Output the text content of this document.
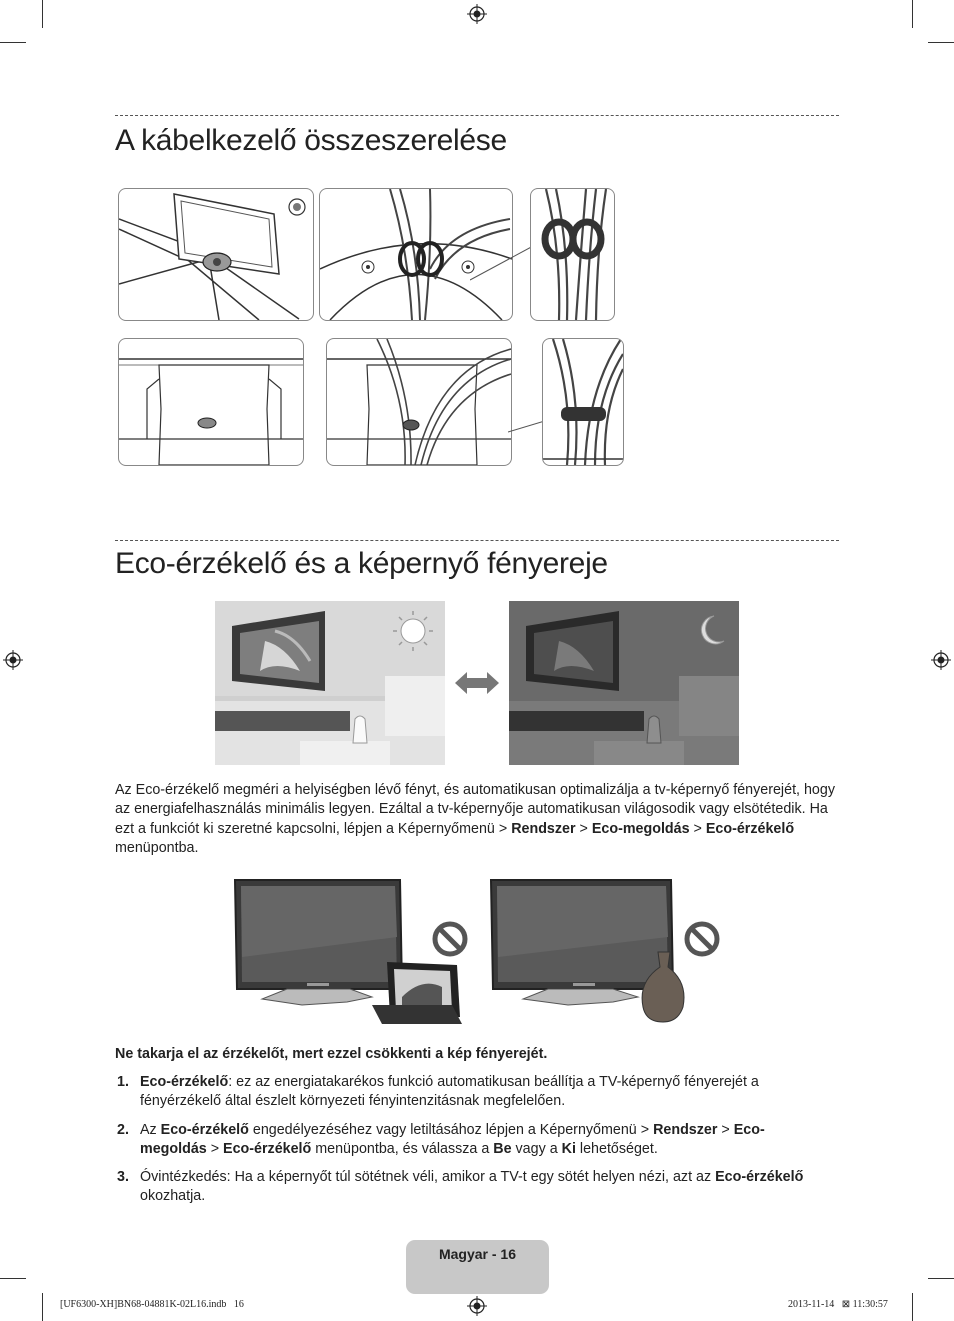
A kábelkezelő összeszerelése
Eco-érzékelő és a képernyő fényereje
Az Eco-érzékelő megméri a helyiségben lévő fényt, és automatikusan optimalizálja a tv-képernyő fényerejét, hogy az energiafelhasználás minimális legyen. Ezáltal a tv-képernyője automatikusan világosodik vagy elsötétedik. Ha ezt a funkciót ki szeretné kapcsolni, lépjen a Képernyőmenü > Rendszer > Eco-megoldás > Eco-érzékelő menüpontba.
Ne takarja el az érzékelőt, mert ezzel csökkenti a kép fényerejét.
1. Eco-érzékelő: ez az energiatakarékos funkció automatikusan beállítja a TV-képernyő fényerejét a fényérzékelő által észlelt környezeti fényintenzitásnak megfelelően.
2. Az Eco-érzékelő engedélyezéséhez vagy letiltásához lépjen a Képernyőmenü > Rendszer > Eco-megoldás > Eco-érzékelő menüpontba, és válassza a Be vagy a Ki lehetőséget.
3. Óvintézkedés: Ha a képernyőt túl sötétnek véli, amikor a TV-t egy sötét helyen nézi, azt az Eco-érzékelő okozhatja.
Magyar - 16
[UF6300-XH]BN68-04881K-02L16.indb   16	2013-11-14   ⊠ 11:30:57
